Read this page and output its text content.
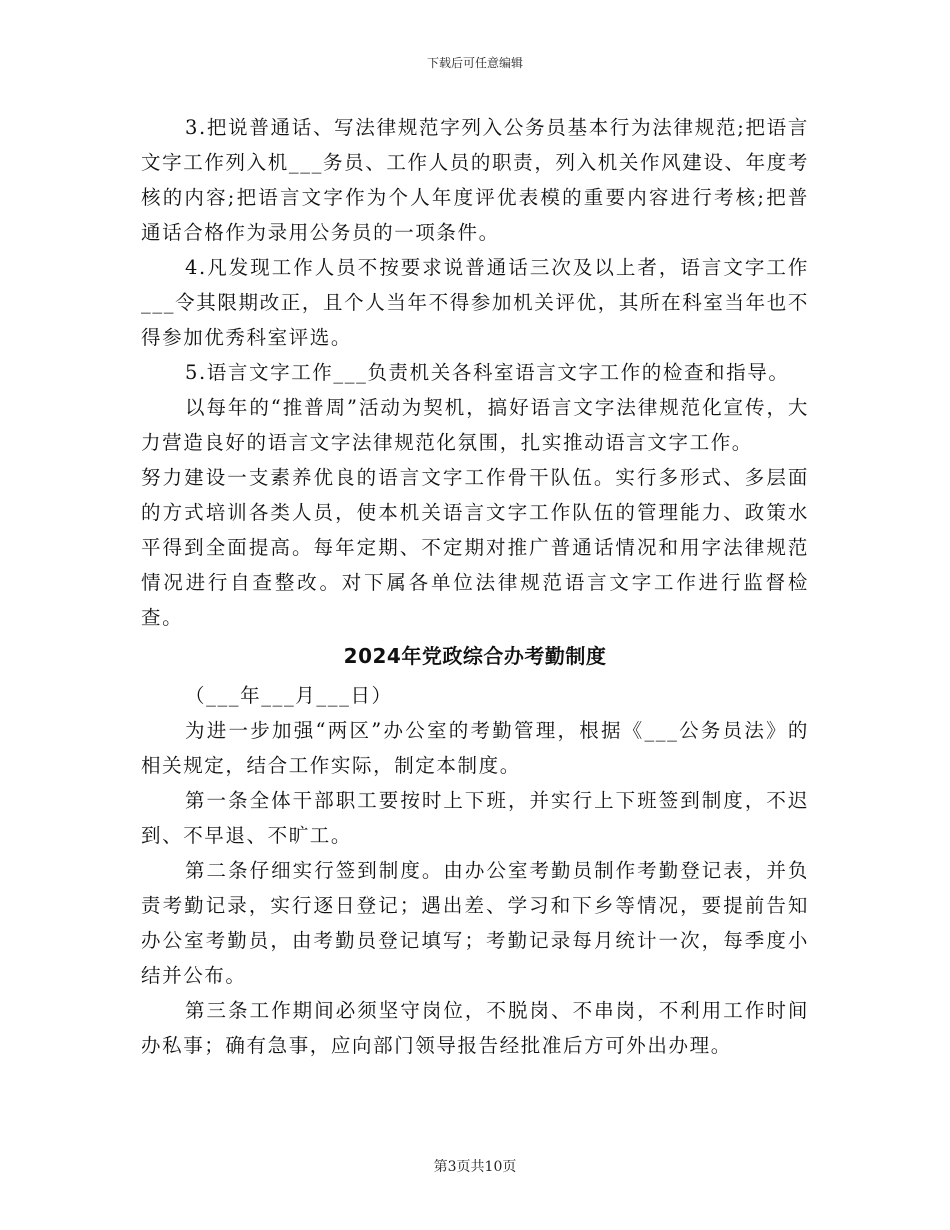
下载后可任意编辑

3.把说普通话、写法律规范字列入公务员基本行为法律规范;把语言文字工作列入机___务员、工作人员的职责，列入机关作风建设、年度考核的内容;把语言文字作为个人年度评优表模的重要内容进行考核;把普通话合格作为录用公务员的一项条件。

4.凡发现工作人员不按要求说普通话三次及以上者，语言文字工作___令其限期改正，且个人当年不得参加机关评优，其所在科室当年也不得参加优秀科室评选。

5.语言文字工作___负责机关各科室语言文字工作的检查和指导。

以每年的“推普周”活动为契机，搞好语言文字法律规范化宣传，大力营造良好的语言文字法律规范化氛围，扎实推动语言文字工作。

努力建设一支素养优良的语言文字工作骨干队伍。实行多形式、多层面的方式培训各类人员，使本机关语言文字工作队伍的管理能力、政策水平得到全面提高。每年定期、不定期对推广普通话情况和用字法律规范情况进行自查整改。对下属各单位法律规范语言文字工作进行监督检查。

2024年党政综合办考勤制度

（___年___月___日）

为进一步加强“两区”办公室的考勤管理，根据《___公务员法》的相关规定，结合工作实际，制定本制度。

第一条全体干部职工要按时上下班，并实行上下班签到制度，不迟到、不早退、不旷工。

第二条仔细实行签到制度。由办公室考勤员制作考勤登记表，并负责考勤记录，实行逐日登记；遇出差、学习和下乡等情况，要提前告知办公室考勤员，由考勤员登记填写；考勤记录每月统计一次，每季度小结并公布。

第三条工作期间必须坚守岗位，不脱岗、不串岗，不利用工作时间办私事；确有急事，应向部门领导报告经批准后方可外出办理。

第3页共10页
